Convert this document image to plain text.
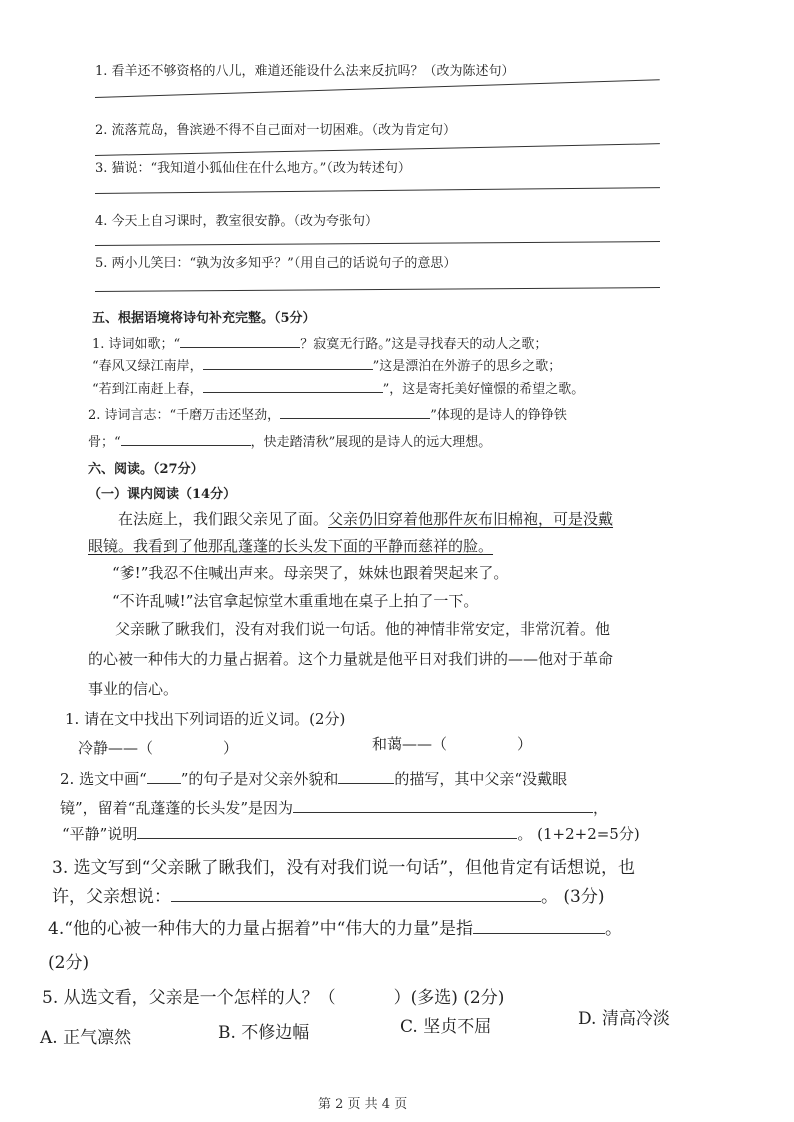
1. 看羊还不够资格的八儿，难道还能设什么法来反抗吗？（改为陈述句）
2. 流落荒岛，鲁滨逊不得不自己面对一切困难。（改为肯定句）
3. 猫说：“我知道小狐仙住在什么地方。”（改为转述句）
4. 今天上自习课时，教室很安静。（改为夸张句）
5. 两小儿笑曰：“孰为汝多知乎？”（用自己的话说句子的意思）
五、根据语境将诗句补充完整。（5分）
1. 诗词如歌；“	？寂寞无行路。”这是寻找春天的动人之歌；
“春风又绿江南岸，	”这是漂泊在外游子的思乡之歌；
“若到江南赶上春，	”，这是寄托美好憧憬的希望之歌。
2. 诗词言志：“千磨万击还坚劲，	”体现的是诗人的铮铮铁
骨；“	，快走踏清秋”展现的是诗人的远大理想。
六、阅读。（27分）
（一）课内阅读（14分）
在法庭上，我们跟父亲见了面。父亲仍旧穿着他那件灰布旧棉袍，可是没戴
眼镜。我看到了他那乱蓬蓬的长头发下面的平静而慈祥的脸。
“爹!”我忍不住喊出声来。母亲哭了，妹妹也跟着哭起来了。
“不许乱喊!”法官拿起惊堂木重重地在桌子上拍了一下。
父亲瞅了瞅我们，没有对我们说一句话。他的神情非常安定，非常沉着。他
的心被一种伟大的力量占据着。这个力量就是他平日对我们讲的——他对于革命
事业的信心。
1. 请在文中找出下列词语的近义词。(2分)
冷静——（	）	和蔼——（	）
2. 选文中画“ ”的句子是对父亲外貌和	的描写，其中父亲“没戴眼
镜”，留着“乱蓬蓬的长头发”是因为	，
“平静”说明	。 (1+2+2=5分)
3. 选文写到“父亲瞅了瞅我们，没有对我们说一句话”，但他肯定有话想说，也
许，父亲想说：	。 (3分)
4.“他的心被一种伟大的力量占据着”中“伟大的力量”是指	。
(2分)
5. 从选文看，父亲是一个怎样的人？（	）(多选) (2分)
A. 正气凛然	B. 不修边幅	C. 坚贞不屈	D. 清高冷淡
第 2 页 共 4 页
